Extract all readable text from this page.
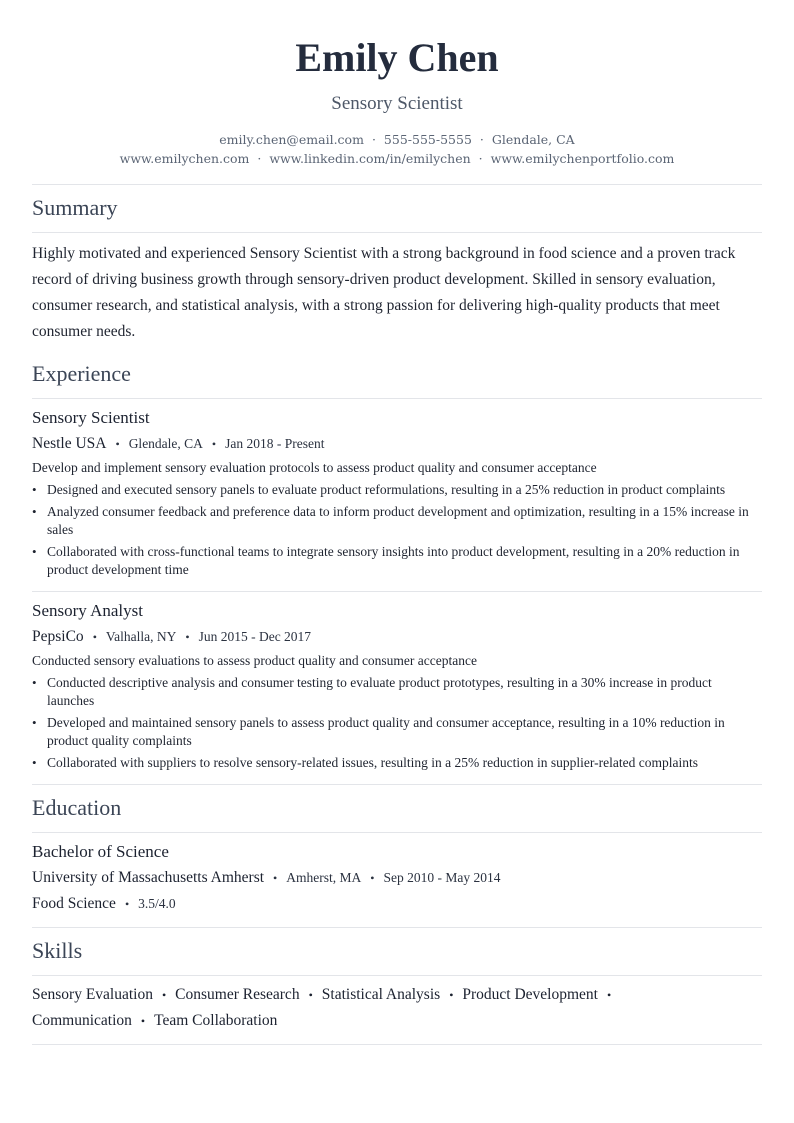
Emily Chen
Sensory Scientist
emily.chen@email.com · 555-555-5555 · Glendale, CA
www.emilychen.com · www.linkedin.com/in/emilychen · www.emilychenportfolio.com
Summary
Highly motivated and experienced Sensory Scientist with a strong background in food science and a proven track record of driving business growth through sensory-driven product development. Skilled in sensory evaluation, consumer research, and statistical analysis, with a strong passion for delivering high-quality products that meet consumer needs.
Experience
Sensory Scientist
Nestle USA • Glendale, CA • Jan 2018 - Present
Develop and implement sensory evaluation protocols to assess product quality and consumer acceptance
• Designed and executed sensory panels to evaluate product reformulations, resulting in a 25% reduction in product complaints
• Analyzed consumer feedback and preference data to inform product development and optimization, resulting in a 15% increase in sales
• Collaborated with cross-functional teams to integrate sensory insights into product development, resulting in a 20% reduction in product development time
Sensory Analyst
PepsiCo • Valhalla, NY • Jun 2015 - Dec 2017
Conducted sensory evaluations to assess product quality and consumer acceptance
• Conducted descriptive analysis and consumer testing to evaluate product prototypes, resulting in a 30% increase in product launches
• Developed and maintained sensory panels to assess product quality and consumer acceptance, resulting in a 10% reduction in product quality complaints
• Collaborated with suppliers to resolve sensory-related issues, resulting in a 25% reduction in supplier-related complaints
Education
Bachelor of Science
University of Massachusetts Amherst • Amherst, MA • Sep 2010 - May 2014
Food Science • 3.5/4.0
Skills
Sensory Evaluation • Consumer Research • Statistical Analysis • Product Development •
Communication • Team Collaboration
